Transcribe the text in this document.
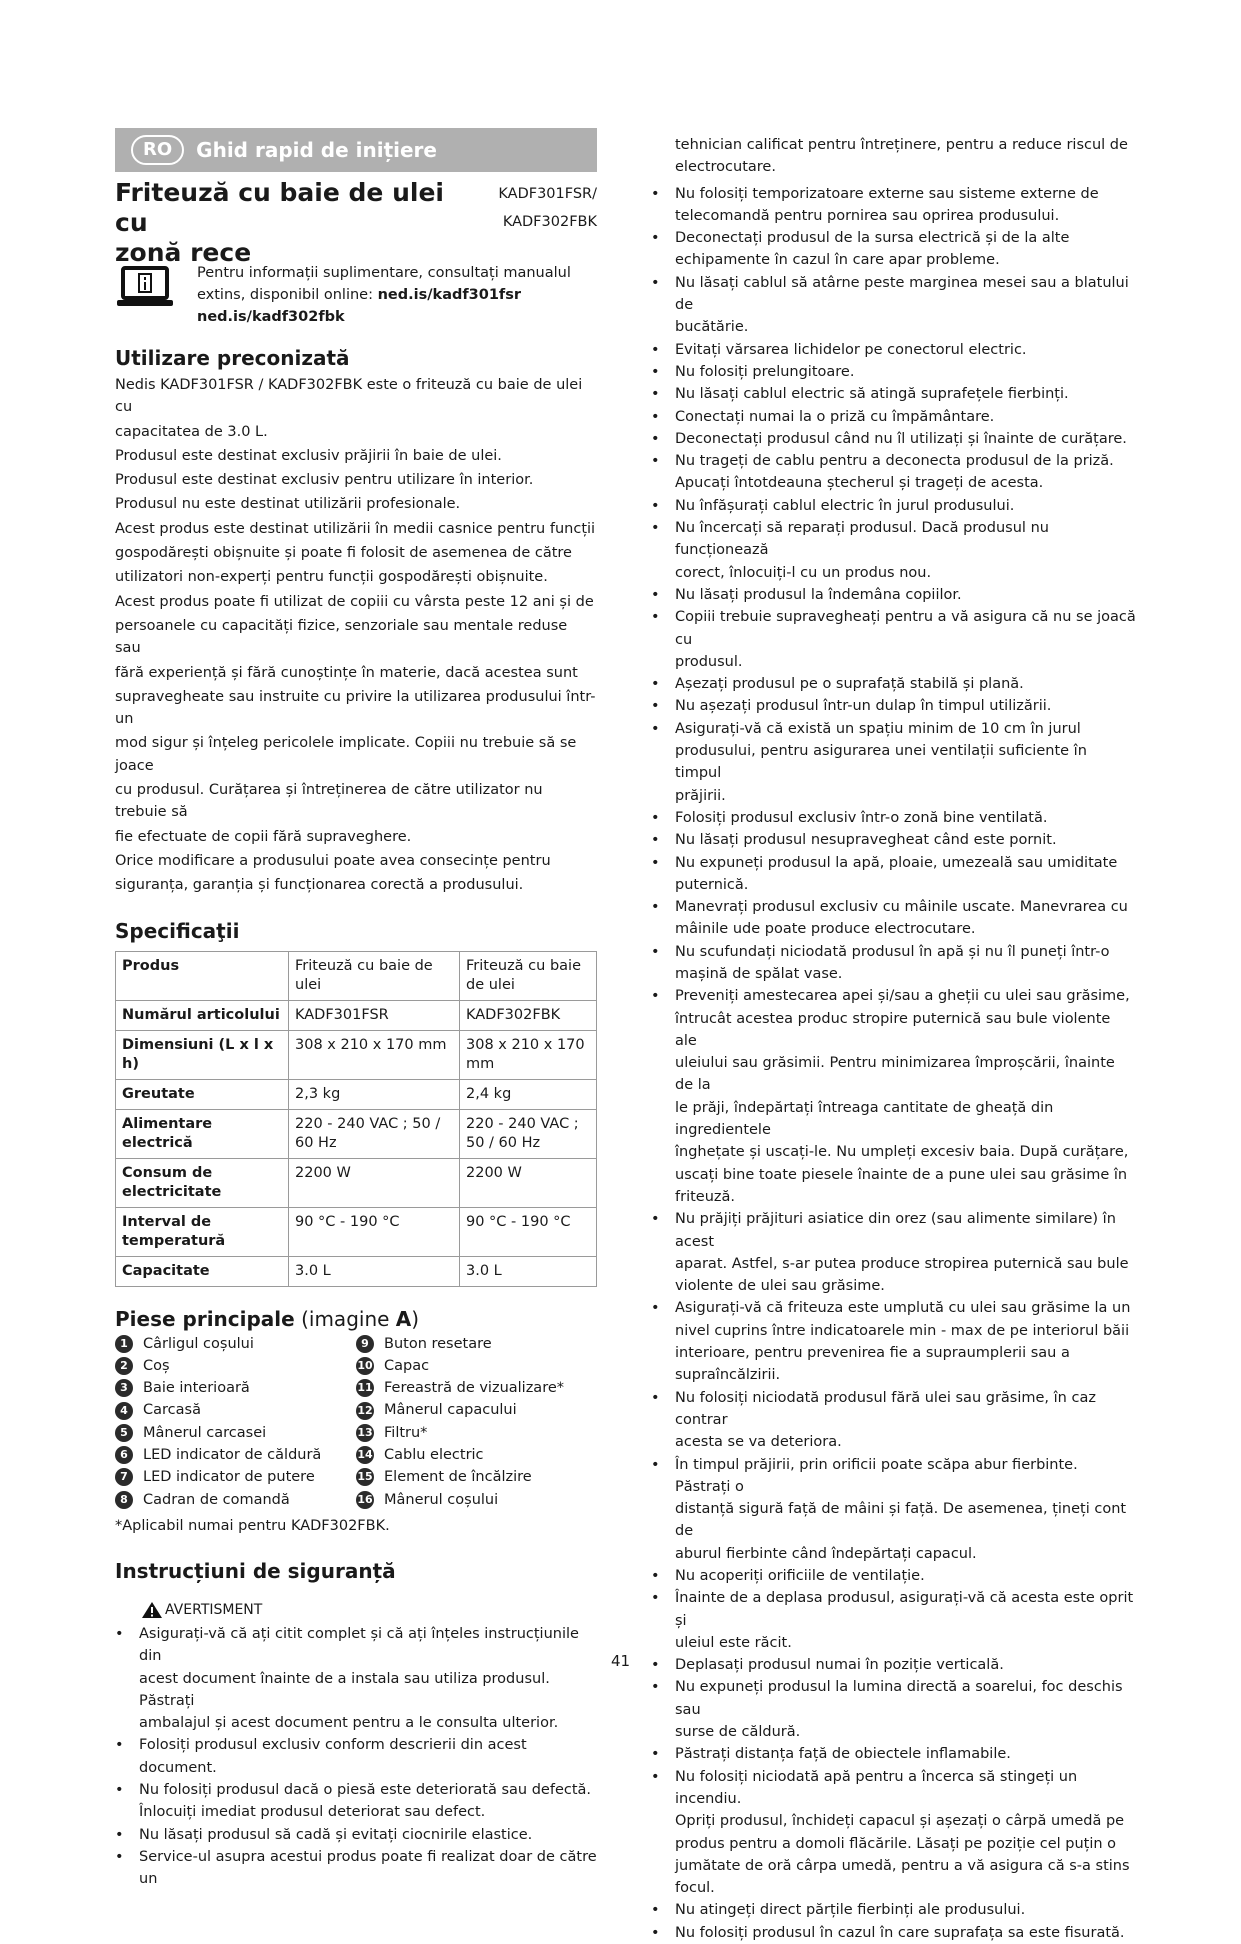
RO	Ghid rapid de inițiere
Friteuză cu baie de ulei cu
zonă rece
KADF301FSR/
KADF302FBK
Pentru informații suplimentare, consultați manualul
extins, disponibil online: ned.is/kadf301fsr
ned.is/kadf302fbk
Utilizare preconizată
Nedis KADF301FSR / KADF302FBK este o friteuză cu baie de ulei cu
capacitatea de 3.0 L.
Produsul este destinat exclusiv prăjirii în baie de ulei.
Produsul este destinat exclusiv pentru utilizare în interior.
Produsul nu este destinat utilizării profesionale.
Acest produs este destinat utilizării în medii casnice pentru funcții
gospodărești obișnuite și poate fi folosit de asemenea de către
utilizatori non-experți pentru funcții gospodărești obișnuite.
Acest produs poate fi utilizat de copiii cu vârsta peste 12 ani și de
persoanele cu capacități fizice, senzoriale sau mentale reduse sau
fără experiență și fără cunoștințe în materie, dacă acestea sunt
supravegheate sau instruite cu privire la utilizarea produsului într-un
mod sigur și înțeleg pericolele implicate. Copiii nu trebuie să se joace
cu produsul. Curățarea și întreținerea de către utilizator nu trebuie să
fie efectuate de copii fără supraveghere.
Orice modificare a produsului poate avea consecințe pentru
siguranța, garanția și funcționarea corectă a produsului.
Specificaţii
Produs	Friteuză cu baie de ulei	Friteuză cu baie de ulei
Numărul articolului	KADF301FSR	KADF302FBK
Dimensiuni (L x l x h)	308 x 210 x 170 mm	308 x 210 x 170 mm
Greutate	2,3 kg	2,4 kg
Alimentare electrică	220 - 240 VAC ; 50 / 60 Hz	220 - 240 VAC ; 50 / 60 Hz
Consum de electricitate	2200 W	2200 W
Interval de temperatură	90 °C - 190 °C	90 °C - 190 °C
Capacitate	3.0 L	3.0 L
Piese principale (imagine A)
1	Cârligul coșului
2	Coș
3	Baie interioară
4	Carcasă
5	Mânerul carcasei
6	LED indicator de căldură
7	LED indicator de putere
8	Cadran de comandă
9	Buton resetare
10 Capac
11 Fereastră de vizualizare*
12 Mânerul capacului
13 Filtru*
14 Cablu electric
15 Element de încălzire
16 Mânerul coșului
*Aplicabil numai pentru KADF302FBK.
Instrucțiuni de siguranță
AVERTISMENT
• Asigurați-vă că ați citit complet și că ați înțeles instrucțiunile din
acest document înainte de a instala sau utiliza produsul. Păstrați
ambalajul și acest document pentru a le consulta ulterior.
• Folosiți produsul exclusiv conform descrierii din acest document.
• Nu folosiți produsul dacă o piesă este deteriorată sau defectă.
Înlocuiți imediat produsul deteriorat sau defect.
• Nu lăsați produsul să cadă și evitați ciocnirile elastice.
• Service-ul asupra acestui produs poate fi realizat doar de către un
tehnician calificat pentru întreținere, pentru a reduce riscul de
electrocutare.
• Nu folosiți temporizatoare externe sau sisteme externe de
telecomandă pentru pornirea sau oprirea produsului.
• Deconectați produsul de la sursa electrică și de la alte
echipamente în cazul în care apar probleme.
• Nu lăsați cablul să atârne peste marginea mesei sau a blatului de
bucătărie.
• Evitați vărsarea lichidelor pe conectorul electric.
• Nu folosiți prelungitoare.
• Nu lăsați cablul electric să atingă suprafețele fierbinți.
• Conectați numai la o priză cu împământare.
• Deconectați produsul când nu îl utilizați și înainte de curățare.
• Nu trageți de cablu pentru a deconecta produsul de la priză.
Apucați întotdeauna ștecherul și trageți de acesta.
• Nu înfășurați cablul electric în jurul produsului.
• Nu încercați să reparați produsul. Dacă produsul nu funcționează
corect, înlocuiți-l cu un produs nou.
• Nu lăsați produsul la îndemâna copiilor.
• Copiii trebuie supravegheați pentru a vă asigura că nu se joacă cu
produsul.
• Așezați produsul pe o suprafață stabilă și plană.
• Nu așezați produsul într-un dulap în timpul utilizării.
• Asigurați-vă că există un spațiu minim de 10 cm în jurul
produsului, pentru asigurarea unei ventilații suficiente în timpul
prăjirii.
• Folosiți produsul exclusiv într-o zonă bine ventilată.
• Nu lăsați produsul nesupravegheat când este pornit.
• Nu expuneți produsul la apă, ploaie, umezeală sau umiditate
puternică.
• Manevrați produsul exclusiv cu mâinile uscate. Manevrarea cu
mâinile ude poate produce electrocutare.
• Nu scufundați niciodată produsul în apă și nu îl puneți într-o
mașină de spălat vase.
• Preveniți amestecarea apei și/sau a gheții cu ulei sau grăsime,
întrucât acestea produc stropire puternică sau bule violente ale
uleiului sau grăsimii. Pentru minimizarea împroșcării, înainte de la
le prăji, îndepărtați întreaga cantitate de gheață din ingredientele
înghețate și uscați-le. Nu umpleți excesiv baia. După curățare,
uscați bine toate piesele înainte de a pune ulei sau grăsime în
friteuză.
• Nu prăjiți prăjituri asiatice din orez (sau alimente similare) în acest
aparat. Astfel, s-ar putea produce stropirea puternică sau bule
violente de ulei sau grăsime.
• Asigurați-vă că friteuza este umplută cu ulei sau grăsime la un
nivel cuprins între indicatoarele min - max de pe interiorul băii
interioare, pentru prevenirea fie a supraumplerii sau a
supraîncălzirii.
• Nu folosiți niciodată produsul fără ulei sau grăsime, în caz contrar
acesta se va deteriora.
• În timpul prăjirii, prin orificii poate scăpa abur fierbinte. Păstrați o
distanță sigură față de mâini și față. De asemenea, țineți cont de
aburul fierbinte când îndepărtați capacul.
• Nu acoperiți orificiile de ventilație.
• Înainte de a deplasa produsul, asigurați-vă că acesta este oprit și
uleiul este răcit.
• Deplasați produsul numai în poziție verticală.
• Nu expuneți produsul la lumina directă a soarelui, foc deschis sau
surse de căldură.
• Păstrați distanța față de obiectele inflamabile.
• Nu folosiți niciodată apă pentru a încerca să stingeți un incendiu.
Opriți produsul, închideți capacul și așezați o cârpă umedă pe
produs pentru a domoli flăcările. Lăsați pe poziție cel puțin o
jumătate de oră cârpa umedă, pentru a vă asigura că s-a stins
focul.
• Nu atingeți direct părțile fierbinți ale produsului.
• Nu folosiți produsul în cazul în care suprafața sa este fisurată.
41
